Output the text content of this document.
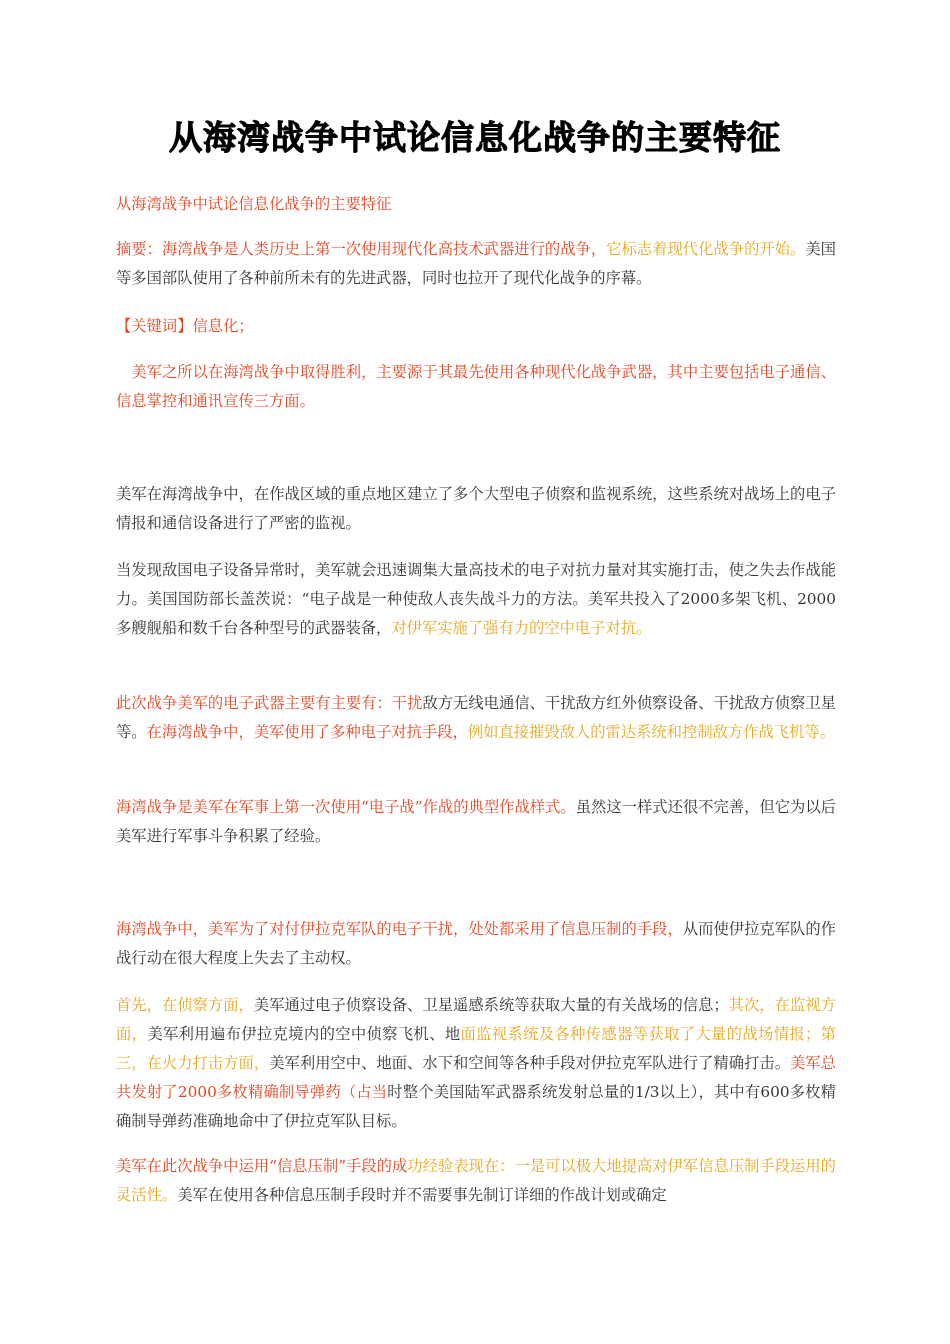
从海湾战争中试论信息化战争的主要特征

从海湾战争中试论信息化战争的主要特征

摘要：海湾战争是人类历史上第一次使用现代化高技术武器进行的战争，它标志着现代化战争的开始。美国等多国部队使用了各种前所未有的先进武器，同时也拉开了现代化战争的序幕。

【关键词】信息化；

　美军之所以在海湾战争中取得胜利，主要源于其最先使用各种现代化战争武器，其中主要包括电子通信、信息掌控和通讯宣传三方面。

美军在海湾战争中，在作战区域的重点地区建立了多个大型电子侦察和监视系统，这些系统对战场上的电子情报和通信设备进行了严密的监视。

当发现敌国电子设备异常时，美军就会迅速调集大量高技术的电子对抗力量对其实施打击，使之失去作战能力。美国国防部长盖茨说：“电子战是一种使敌人丧失战斗力的方法。美军共投入了2000多架飞机、2000多艘舰船和数千台各种型号的武器装备，对伊军实施了强有力的空中电子对抗。

此次战争美军的电子武器主要有主要有：干扰敌方无线电通信、干扰敌方红外侦察设备、干扰敌方侦察卫星等。在海湾战争中，美军使用了多种电子对抗手段，例如直接摧毁敌人的雷达系统和控制敌方作战飞机等。

海湾战争是美军在军事上第一次使用“电子战”作战的典型作战样式。虽然这一样式还很不完善，但它为以后美军进行军事斗争积累了经验。

海湾战争中，美军为了对付伊拉克军队的电子干扰，处处都采用了信息压制的手段，从而使伊拉克军队的作战行动在很大程度上失去了主动权。

首先，在侦察方面，美军通过电子侦察设备、卫星遥感系统等获取大量的有关战场的信息；其次，在监视方面，美军利用遍布伊拉克境内的空中侦察飞机、地面监视系统及各种传感器等获取了大量的战场情报；第三，在火力打击方面，美军利用空中、地面、水下和空间等各种手段对伊拉克军队进行了精确打击。美军总共发射了2000多枚精确制导弹药（占当时整个美国陆军武器系统发射总量的1/3以上），其中有600多枚精确制导弹药准确地命中了伊拉克军队目标。

美军在此次战争中运用“信息压制”手段的成功经验表现在：一是可以极大地提高对伊军信息压制手段运用的灵活性。美军在使用各种信息压制手段时并不需要事先制订详细的作战计划或确定
